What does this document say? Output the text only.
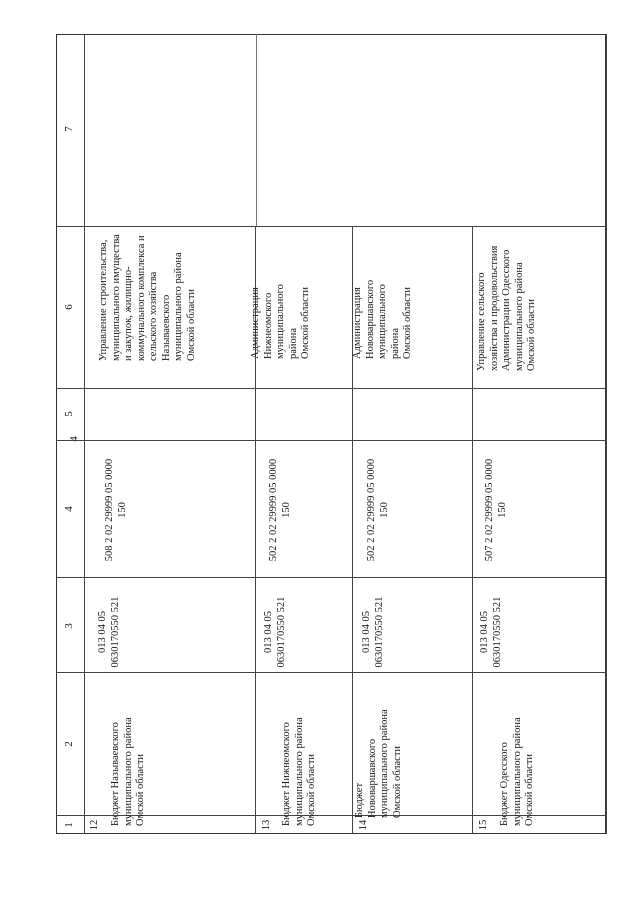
4
1
2
3
4
5
6
7
12 Бюджет Называевского
муниципального района
Омской области
013 04 05
0630170550 521
508 2 02 29999 05 0000
150
Управление строительства,
муниципального имущества
и закупок, жилищно-
коммунального комплекса и
сельского хозяйства
Называевского
муниципального района
Омской области
13 Бюджет Нижнеомского
муниципального района
Омской области
013 04 05
0630170550 521
502 2 02 29999 05 0000
150
Администрация
Нижнеомского
муниципального района
Омской области
14
Бюджет
Нововаршавского
муниципального района
Омской области
013 04 05
0630170550 521
502 2 02 29999 05 0000
150
Администрация
Нововаршавского
муниципального района
Омской области
15 Бюджет Одесского
муниципального района
Омской области
013 04 05
0630170550 521
507 2 02 29999 05 0000
150
Управление сельского
хозяйства и продовольствия
Администрации Одесского
муниципального района
Омской области
